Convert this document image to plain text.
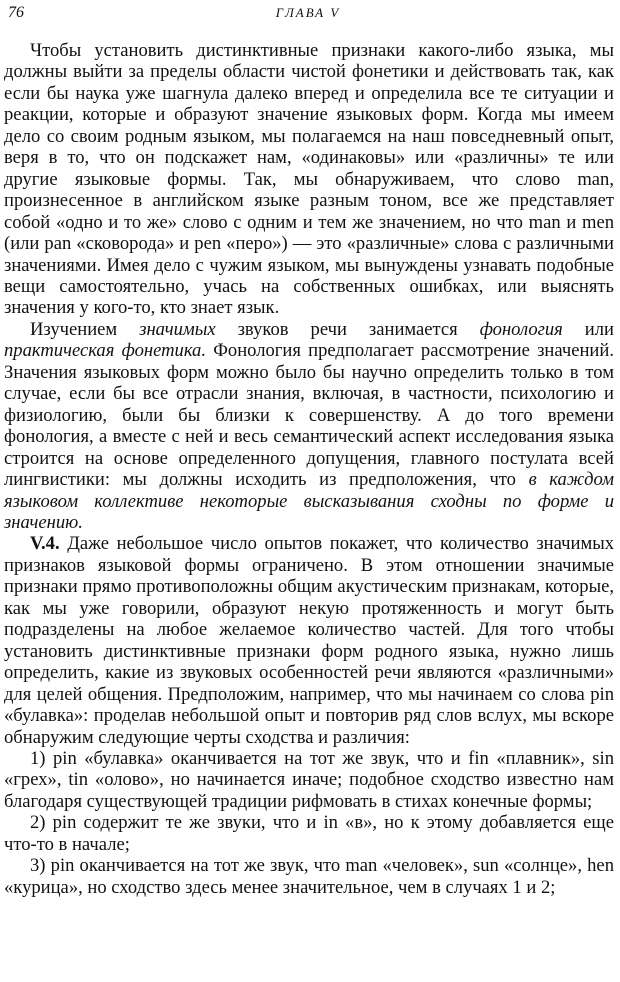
76	ГЛАВА V

Чтобы установить дистинктивные признаки какого-либо языка, мы должны выйти за пределы области чистой фонетики и действовать так, как если бы наука уже шагнула далеко вперед и определила все те ситуации и реакции, которые и образуют значение языковых форм. Когда мы имеем дело со своим родным языком, мы полагаемся на наш повседневный опыт, веря в то, что он подскажет нам, «одинаковы» или «различны» те или другие языковые формы. Так, мы обнаруживаем, что слово man, произнесенное в английском языке разным тоном, все же представляет собой «одно и то же» слово с одним и тем же значением, но что man и men (или pan «сковорода» и pen «перо») — это «различные» слова с различными значениями. Имея дело с чужим языком, мы вынуждены узнавать подобные вещи самостоятельно, учась на собственных ошибках, или выяснять значения у кого-то, кто знает язык.

Изучением значимых звуков речи занимается фонология или практическая фонетика. Фонология предполагает рассмотрение значений. Значения языковых форм можно было бы научно определить только в том случае, если бы все отрасли знания, включая, в частности, психологию и физиологию, были бы близки к совершенству. А до того времени фонология, а вместе с ней и весь семантический аспект исследования языка строится на основе определенного допущения, главного постулата всей лингвистики: мы должны исходить из предположения, что в каждом языковом коллективе некоторые высказывания сходны по форме и значению.

V.4. Даже небольшое число опытов покажет, что количество значимых признаков языковой формы ограничено. В этом отношении значимые признаки прямо противоположны общим акустическим признакам, которые, как мы уже говорили, образуют некую протяженность и могут быть подразделены на любое желаемое количество частей. Для того чтобы установить дистинктивные признаки форм родного языка, нужно лишь определить, какие из звуковых особенностей речи являются «различными» для целей общения. Предположим, например, что мы начинаем со слова pin «булавка»: проделав небольшой опыт и повторив ряд слов вслух, мы вскоре обнаружим следующие черты сходства и различия:

1) pin «булавка» оканчивается на тот же звук, что и fin «плавник», sin «грех», tin «олово», но начинается иначе; подобное сходство известно нам благодаря существующей традиции рифмовать в стихах конечные формы;

2) pin содержит те же звуки, что и in «в», но к этому добавляется еще что-то в начале;

3) pin оканчивается на тот же звук, что man «человек», sun «солнце», hen «курица», но сходство здесь менее значительное, чем в случаях 1 и 2;
